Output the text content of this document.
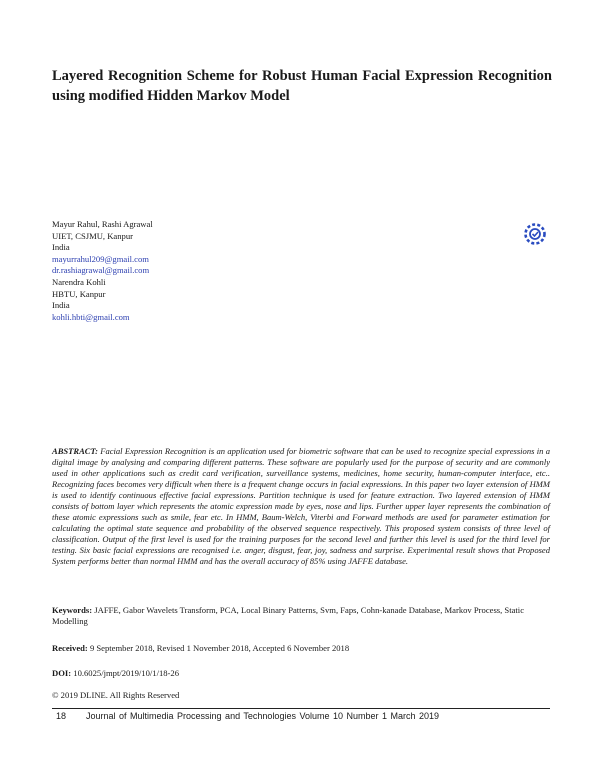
Layered Recognition Scheme for Robust Human Facial Expression Recognition using modified Hidden Markov Model
Mayur Rahul, Rashi Agrawal
UIET, CSJMU, Kanpur
India
mayurrahul209@gmail.com
dr.rashiagrawal@gmail.com
Narendra Kohli
HBTU, Kanpur
India
kohli.hbti@gmail.com

ABSTRACT: Facial Expression Recognition is an application used for biometric software that can be used to recognize special expressions in a digital image by analysing and comparing different patterns. These software are popularly used for the purpose of security and are commonly used in other applications such as credit card verification, surveillance systems, medicines, home security, human-computer interface, etc.. Recognizing faces becomes very difficult when there is a frequent change occurs in facial expressions. In this paper two layer extension of HMM is used to identify continuous effective facial expressions. Partition technique is used for feature extraction. Two layered extension of HMM consists of bottom layer which represents the atomic expression made by eyes, nose and lips. Further upper layer represents the combination of these atomic expressions such as smile, fear etc. In HMM, Baum-Welch, Viterbi and Forward methods are used for parameter estimation for calculating the optimal state sequence and probability of the observed sequence respectively. This proposed system consists of three level of classification. Output of the first level is used for the training purposes for the second level and further this level is used for the third level for testing. Six basic facial expressions are recognised i.e. anger, disgust, fear, joy, sadness and surprise. Experimental result shows that Proposed System performs better than normal HMM and has the overall accuracy of 85% using JAFFE database.

Keywords: JAFFE, Gabor Wavelets Transform, PCA, Local Binary Patterns, Svm, Faps, Cohn-kanade Database, Markov Process, Static Modelling

Received: 9 September 2018, Revised 1 November 2018, Accepted 6 November 2018

DOI: 10.6025/jmpt/2019/10/1/18-26

© 2019 DLINE. All Rights Reserved

18 Journal of Multimedia Processing and Technologies Volume 10 Number 1 March 2019
